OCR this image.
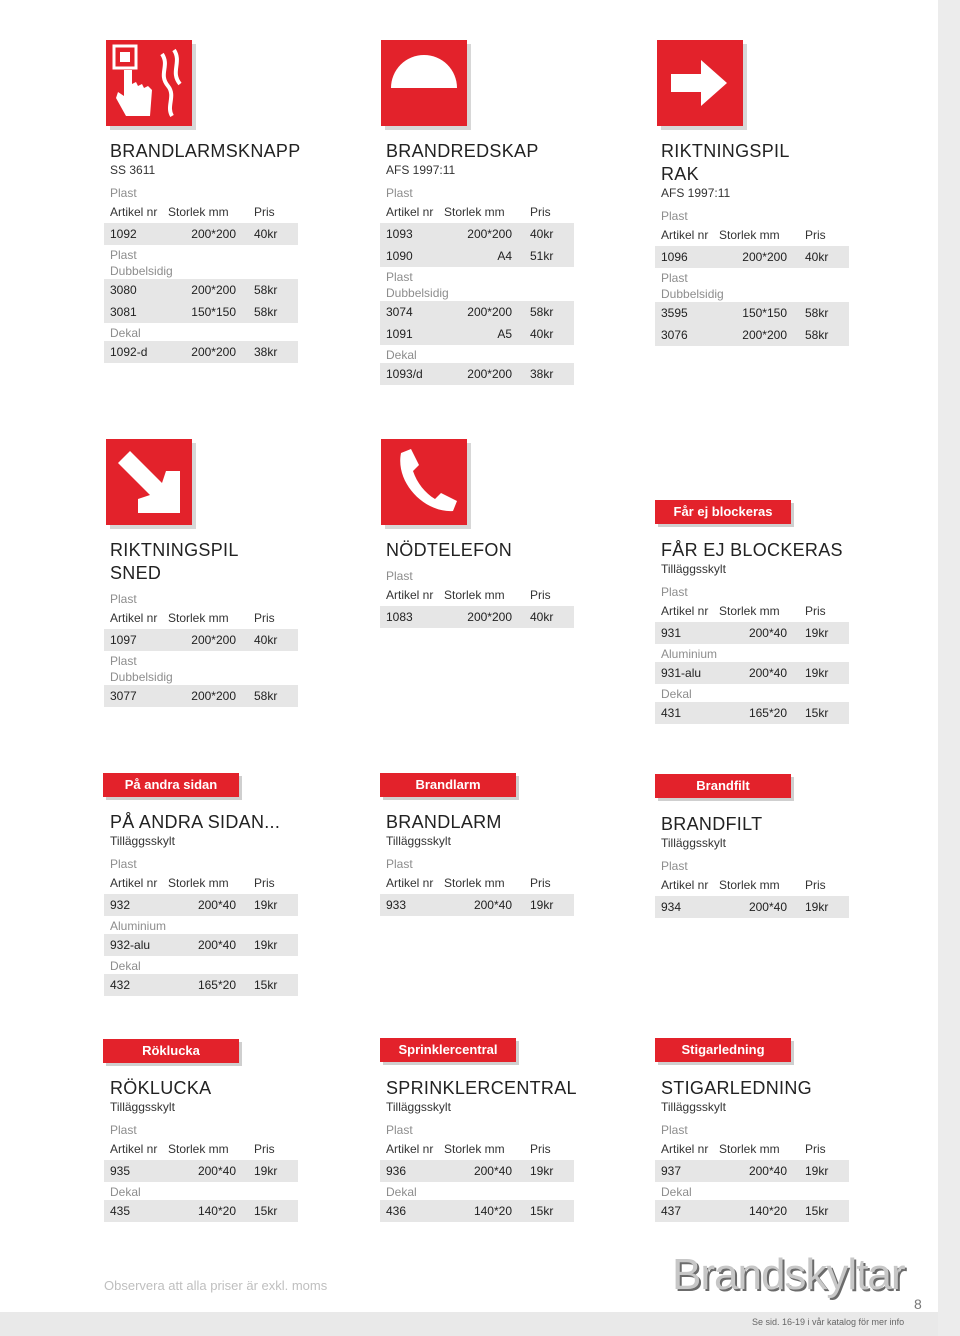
BRANDLARMSKNAPP
SS 3611
Plast
Artikel nr Storlek mm	Pris
1092	200*200	40kr
Plast
Dubbelsidig
3080	200*200	58kr
3081	150*150	58kr
Dekal
1092-d	200*200	38kr
BRANDREDSKAP
AFS 1997:11
Plast
Artikel nr Storlek mm	Pris
1093	200*200	40kr
1090	A4	51kr
Plast
Dubbelsidig
3074	200*200	58kr
1091	A5	40kr
Dekal
1093/d	200*200	38kr
RIKTNINGSPIL
RAK
AFS 1997:11
Plast
Artikel nr Storlek mm	Pris
1096	200*200	40kr
Plast
Dubbelsidig
3595	150*150	58kr
3076	200*200	58kr
RIKTNINGSPIL
SNED
Plast
Artikel nr Storlek mm	Pris
1097	200*200	40kr
Plast
Dubbelsidig
3077	200*200	58kr
NÖDTELEFON
Plast
Artikel nr Storlek mm	Pris
1083	200*200	40kr
Får ej blockeras
FÅR EJ BLOCKERAS
Tilläggsskylt
Plast
Artikel nr Storlek mm	Pris
931	200*40	19kr
Aluminium
931-alu	200*40	19kr
Dekal
431	165*20	15kr
På andra sidan dörren
PÅ ANDRA SIDAN...
Tilläggsskylt
Plast
Artikel nr Storlek mm	Pris
932	200*40	19kr
Aluminium
932-alu	200*40	19kr
Dekal
432	165*20	15kr
Brandlarm
BRANDLARM
Tilläggsskylt
Plast
Artikel nr Storlek mm	Pris
933	200*40	19kr
Brandfilt
BRANDFILT
Tilläggsskylt
Plast
Artikel nr Storlek mm	Pris
934	200*40	19kr
Röklucka
RÖKLUCKA
Tilläggsskylt
Plast
Artikel nr Storlek mm	Pris
935	200*40	19kr
Dekal
435	140*20	15kr
Sprinklercentral
SPRINKLERCENTRAL
Tilläggsskylt
Plast
Artikel nr Storlek mm	Pris
936	200*40	19kr
Dekal
436	140*20	15kr
Stigarledning
STIGARLEDNING
Tilläggsskylt
Plast
Artikel nr Storlek mm	Pris
937	200*40	19kr
Dekal
437	140*20	15kr
Observera att alla priser är exkl. moms	Brandskyltar
Se sid. 16-19 i vår katalog för mer info
8
